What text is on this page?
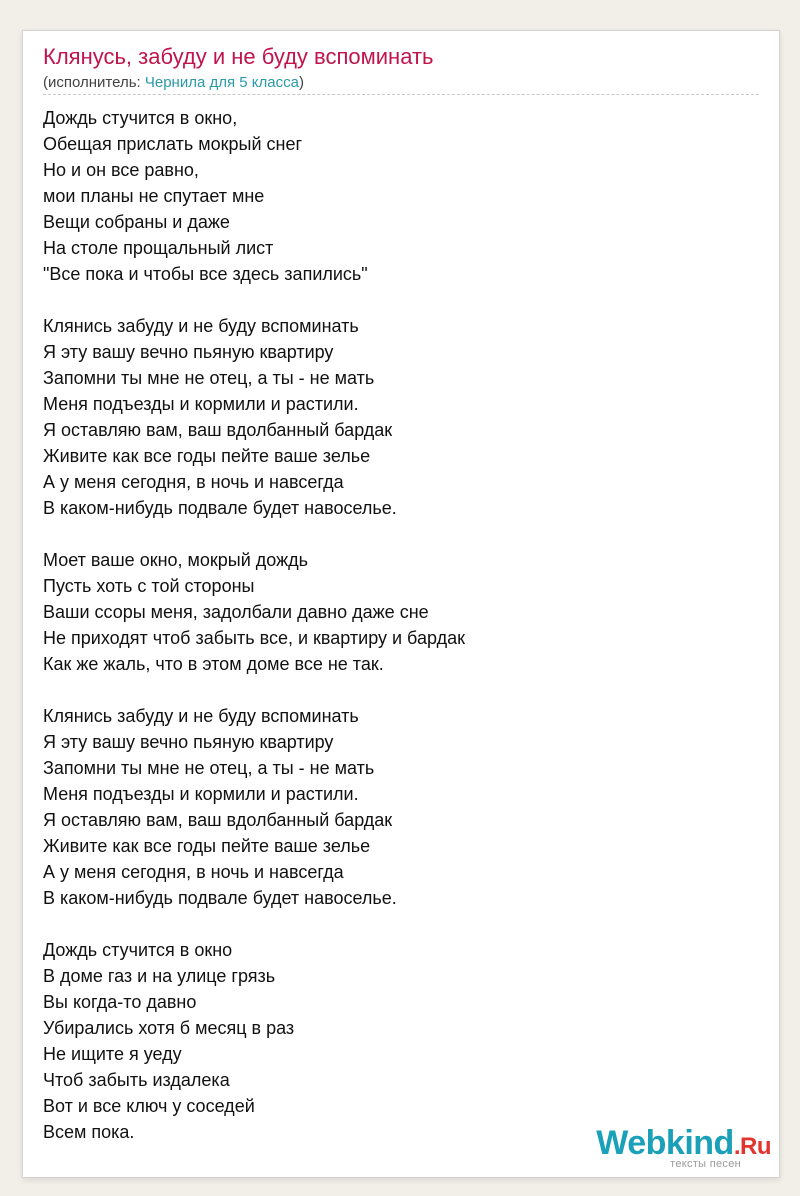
Клянусь, забуду и не буду вспоминать
(исполнитель: Чернила для 5 класса)
Дождь стучится в окно,
Обещая прислать мокрый снег
Но и он все равно,
мои планы не спутает мне
Вещи собраны и даже
На столе прощальный лист
"Все пока и чтобы все здесь запились"
Клянись забуду и не буду вспоминать
Я эту вашу вечно пьяную квартиру
Запомни ты мне не отец, а ты - не мать
Меня подъезды и кормили и растили.
Я оставляю вам, ваш вдолбанный бардак
Живите как все годы пейте ваше зелье
А у меня сегодня, в ночь и навсегда
В каком-нибудь подвале будет навоселье.
Моет ваше окно, мокрый дождь
Пусть хоть с той стороны
Ваши ссоры меня, задолбали давно даже сне
Не приходят чтоб забыть все, и квартиру и бардак
Как же жаль, что в этом доме все не так.
Клянись забуду и не буду вспоминать
Я эту вашу вечно пьяную квартиру
Запомни ты мне не отец, а ты - не мать
Меня подъезды и кормили и растили.
Я оставляю вам, ваш вдолбанный бардак
Живите как все годы пейте ваше зелье
А у меня сегодня, в ночь и навсегда
В каком-нибудь подвале будет навоселье.
Дождь стучится в окно
В доме газ и на улице грязь
Вы когда-то давно
Убирались хотя б месяц в раз
Не ищите я уеду
Чтоб забыть издалека
Вот и все ключ у соседей
Всем пока.	Webkind.Ru
тексты песен
